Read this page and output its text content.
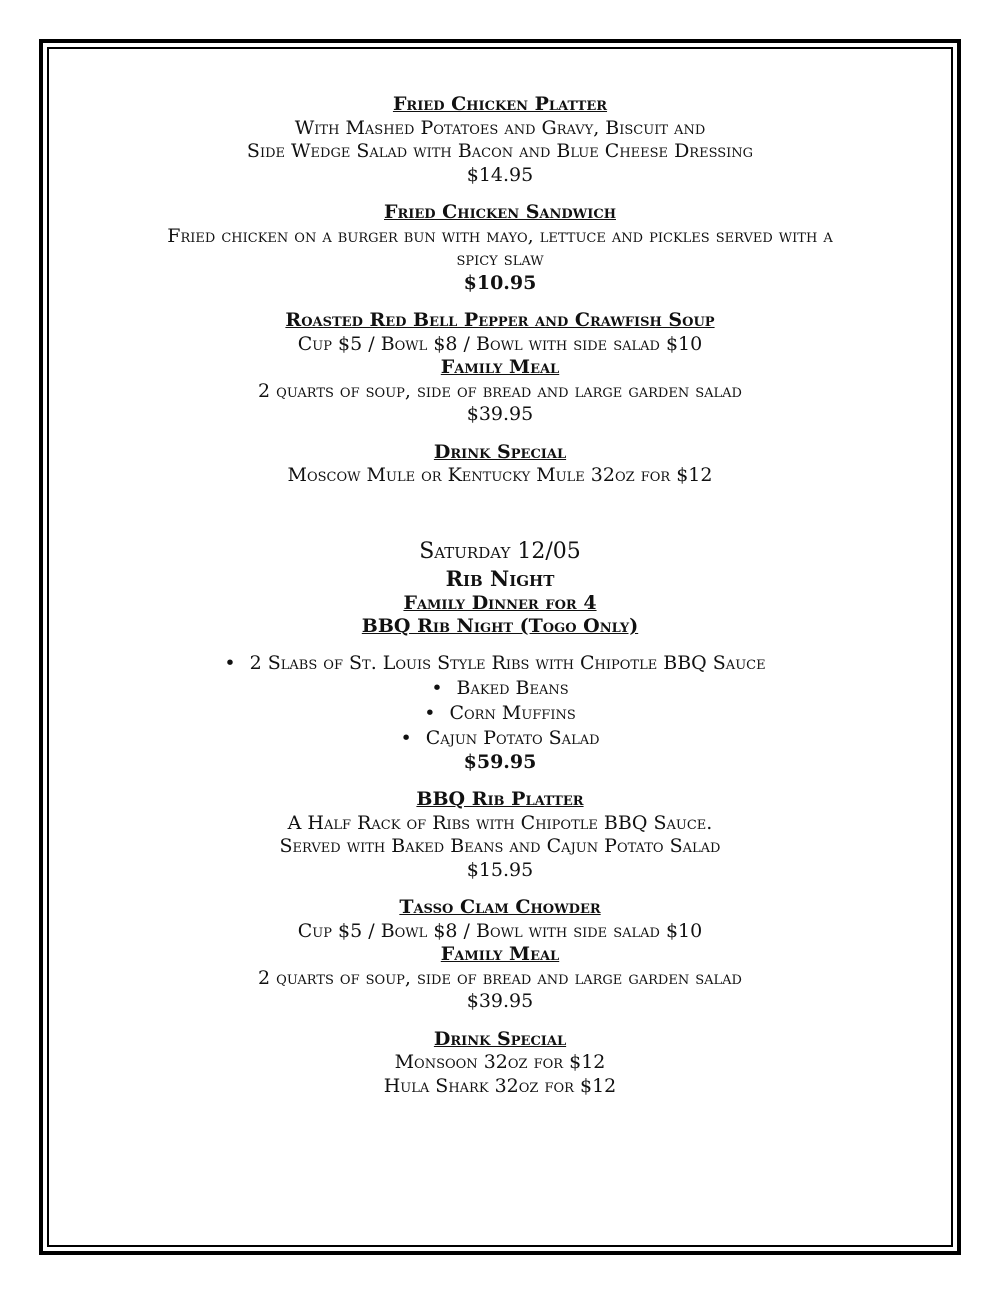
Fried Chicken Platter
With Mashed Potatoes and Gravy, Biscuit and
Side Wedge Salad with Bacon and Blue Cheese Dressing
$14.95
Fried Chicken Sandwich
Fried chicken on a burger bun with mayo, lettuce and pickles served with a
spicy slaw
$10.95
Roasted Red Bell Pepper and Crawfish Soup
Cup $5 / Bowl $8 / Bowl with side salad $10
Family Meal
2 quarts of soup, side of bread and large garden salad
$39.95
Drink Special
Moscow Mule or Kentucky Mule 32oz for $12
Saturday 12/05
Rib Night
Family Dinner for 4
BBQ Rib Night (Togo Only)
• 2 Slabs of St. Louis Style Ribs with Chipotle BBQ Sauce
• Baked Beans
• Corn Muffins
• Cajun Potato Salad
$59.95
BBQ Rib Platter
A Half Rack of Ribs with Chipotle BBQ Sauce.
Served with Baked Beans and Cajun Potato Salad
$15.95
Tasso Clam Chowder
Cup $5 / Bowl $8 / Bowl with side salad $10
Family Meal
2 quarts of soup, side of bread and large garden salad
$39.95
Drink Special
Monsoon 32oz for $12
Hula Shark 32oz for $12
